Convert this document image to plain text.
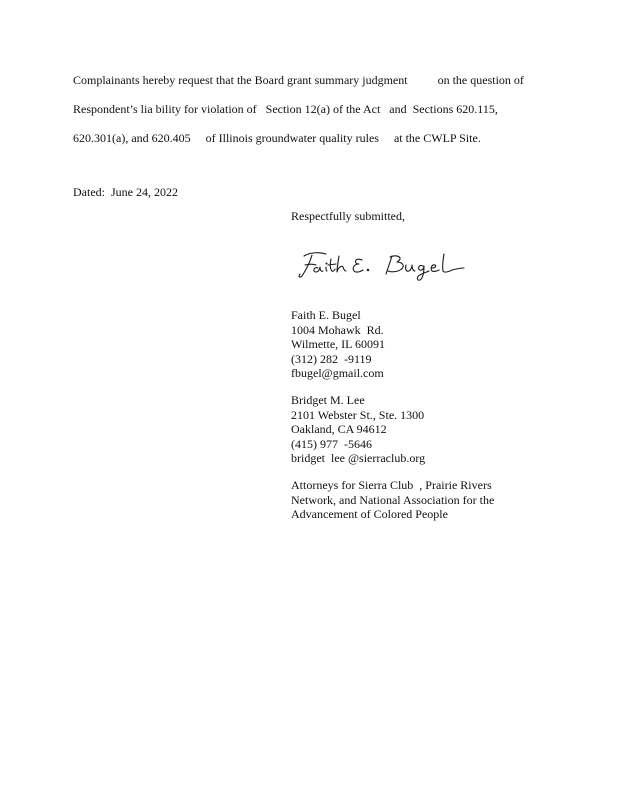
Complainants hereby request that the Board grant summary judgment          on the question of
Respondent’s lia bility for violation of   Section 12(a) of the Act   and  Sections 620.115,
620.301(a), and 620.405     of Illinois groundwater quality rules     at the CWLP Site.
Dated:  June 24, 2022
Respectfully submitted,
Faith E. Bugel
1004 Mohawk  Rd.
Wilmette, IL 60091
(312) 282  -9119
fbugel@gmail.com
Bridget M. Lee
2101 Webster St., Ste. 1300
Oakland, CA 94612
(415) 977  -5646
bridget  lee @sierraclub.org
Attorneys for Sierra Club  , Prairie Rivers
Network, and National Association for the
Advancement of Colored People
